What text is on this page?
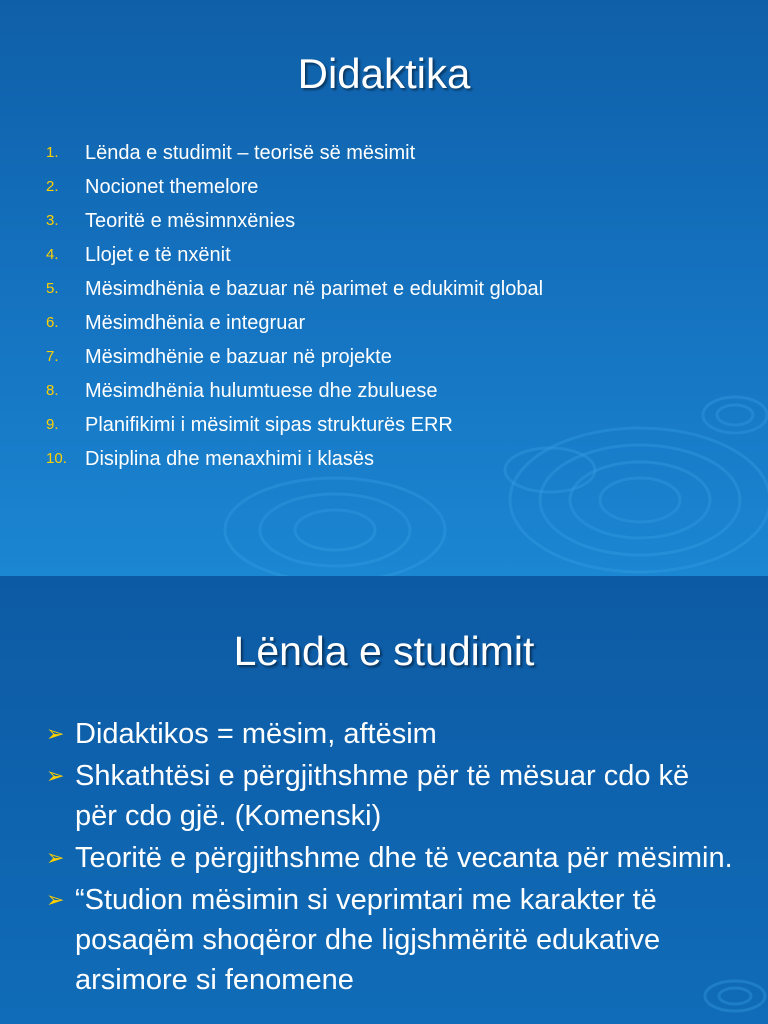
Didaktika
1.	Lënda e studimit – teorisë së mësimit
2.	Nocionet themelore
3.	Teoritë e mësimnxënies
4.	Llojet e të nxënit
5.	Mësimdhënia e bazuar në parimet e edukimit global
6.	Mësimdhënia e integruar
7.	Mësimdhënie e bazuar në projekte
8.	Mësimdhënia hulumtuese dhe zbuluese
9.	Planifikimi i mësimit sipas strukturës ERR
10. Disiplina dhe menaxhimi i klasës
Lënda e studimit
➢ Didaktikos = mësim, aftësim
➢ Shkathtësi e përgjithshme për të mësuar cdo kë për cdo gjë. (Komenski)
➢ Teoritë e përgjithshme dhe të vecanta për mësimin.
➢ “Studion mësimin si veprimtari me karakter të posaqëm shoqëror dhe ligjshmëritë edukative arsimore si fenomene
